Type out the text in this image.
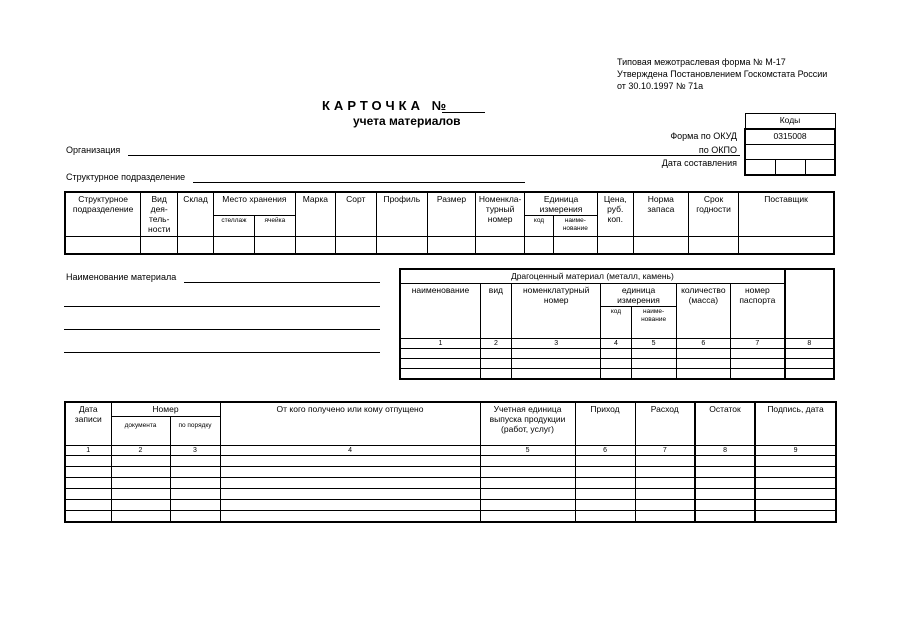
Типовая межотраслевая форма № М-17
Утверждена Постановлением Госкомстата России
от 30.10.1997 № 71а
КАРТОЧКА №
учета материалов	Коды
0315008

Форма по ОКУД
по ОКПО
Дата составления
Организация
Структурное подразделение
Структурное подразделение	Вид дея-тель-ности	Склад	Место хранения		Марка	Сорт	Профиль	Размер	Номенкла-турный номер	Единица измерения		Цена, руб. коп.	Норма запаса	Срок годности	Поставщик
			стеллаж	ячейка						код	наиме-нование				

Наименование материала	Драгоценный материал (металл, камень)							
наименование	вид	номенклатурный номер	единица измерения		количество (масса)	номер паспорта	
			код	наиме-нование			
1	2	3	4	5	6	7	8

Дата записи	Номер		От кого получено или кому отпущено	Учетная единица выпуска продукции (работ, услуг)	Приход	Расход	Остаток	Подпись, дата
	документа	по порядку						
1	2	3	4	5	6	7	8	9
